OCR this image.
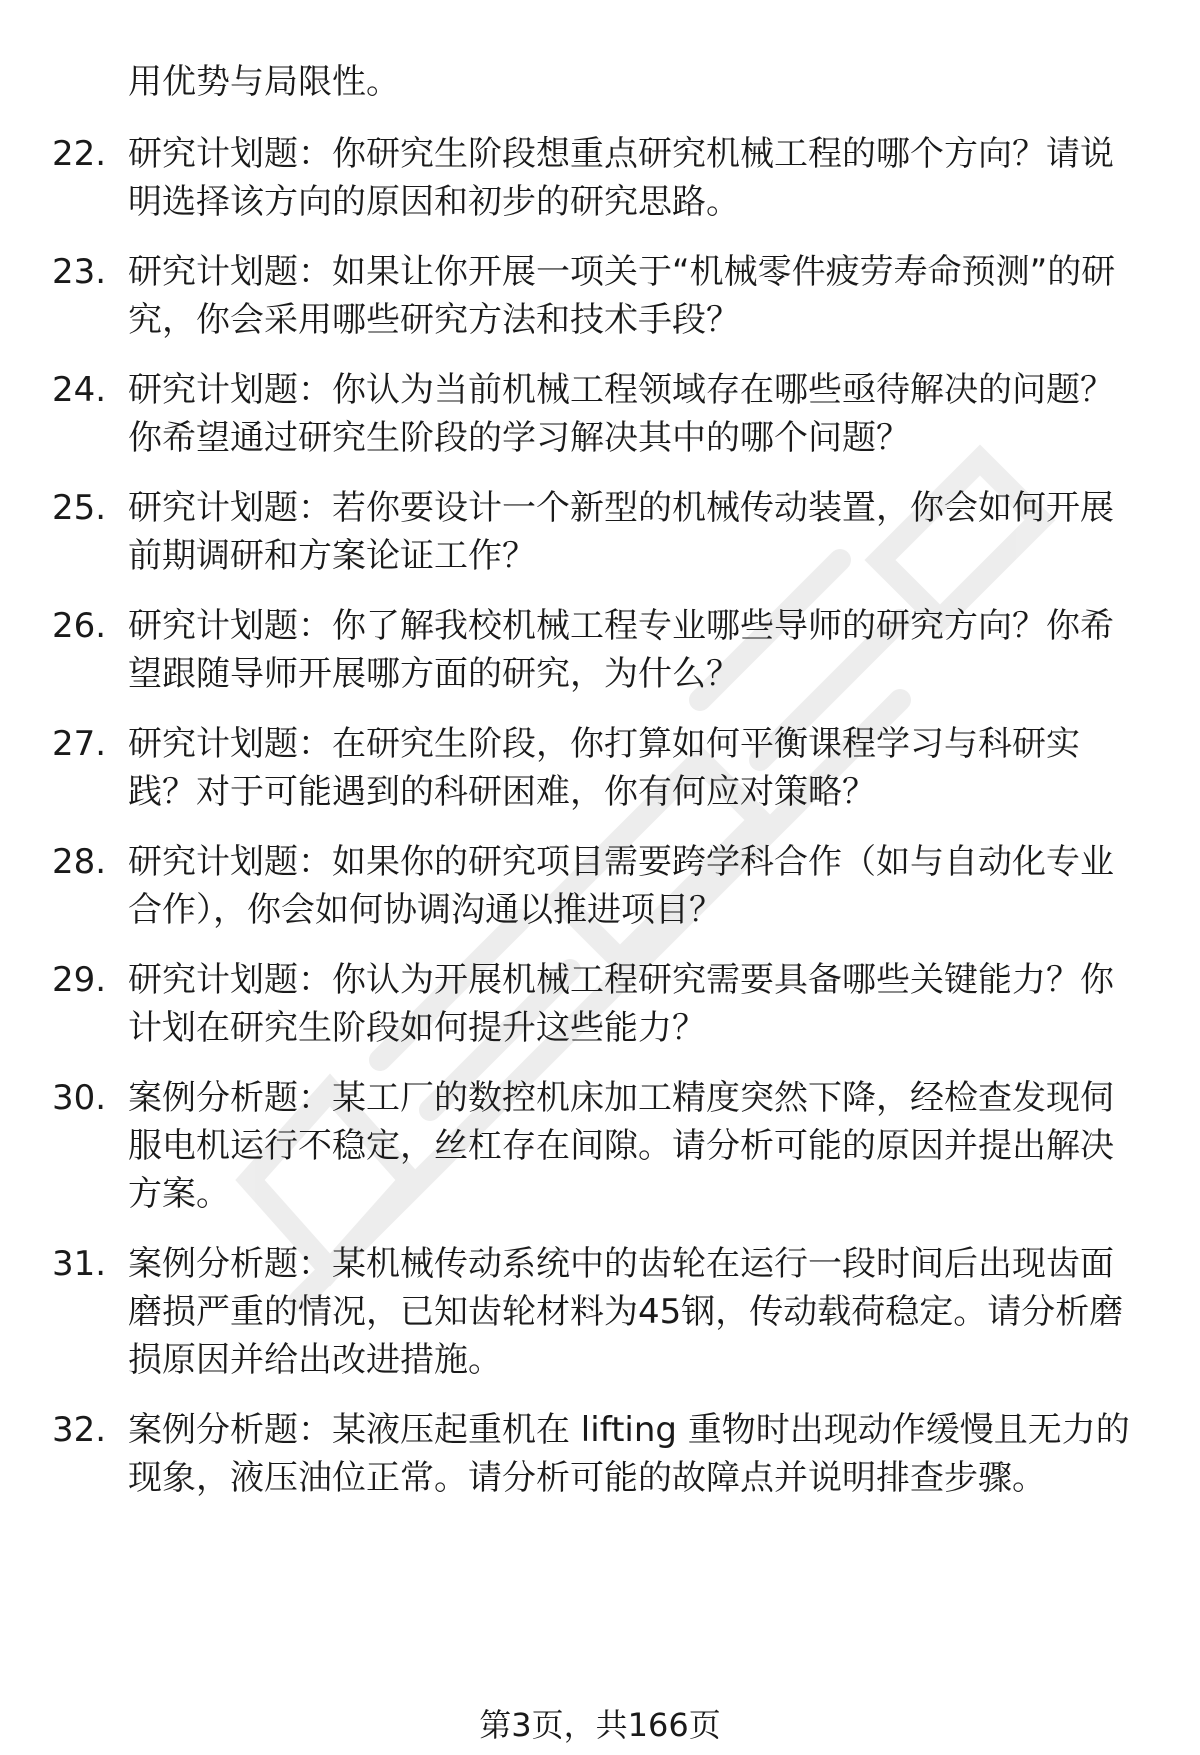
用优势与局限性。

22. 研究计划题：你研究生阶段想重点研究机械工程的哪个方向？请说明选择该方向的原因和初步的研究思路。
23. 研究计划题：如果让你开展一项关于“机械零件疲劳寿命预测”的研究，你会采用哪些研究方法和技术手段？
24. 研究计划题：你认为当前机械工程领域存在哪些亟待解决的问题？你希望通过研究生阶段的学习解决其中的哪个问题？
25. 研究计划题：若你要设计一个新型的机械传动装置，你会如何开展前期调研和方案论证工作？
26. 研究计划题：你了解我校机械工程专业哪些导师的研究方向？你希望跟随导师开展哪方面的研究，为什么？
27. 研究计划题：在研究生阶段，你打算如何平衡课程学习与科研实践？对于可能遇到的科研困难，你有何应对策略？
28. 研究计划题：如果你的研究项目需要跨学科合作（如与自动化专业合作），你会如何协调沟通以推进项目？
29. 研究计划题：你认为开展机械工程研究需要具备哪些关键能力？你计划在研究生阶段如何提升这些能力？
30. 案例分析题：某工厂的数控机床加工精度突然下降，经检查发现伺服电机运行不稳定，丝杠存在间隙。请分析可能的原因并提出解决方案。
31. 案例分析题：某机械传动系统中的齿轮在运行一段时间后出现齿面磨损严重的情况，已知齿轮材料为45钢，传动载荷稳定。请分析磨损原因并给出改进措施。
32. 案例分析题：某液压起重机在 lifting 重物时出现动作缓慢且无力的现象，液压油位正常。请分析可能的故障点并说明排查步骤。
第3页，共166页
